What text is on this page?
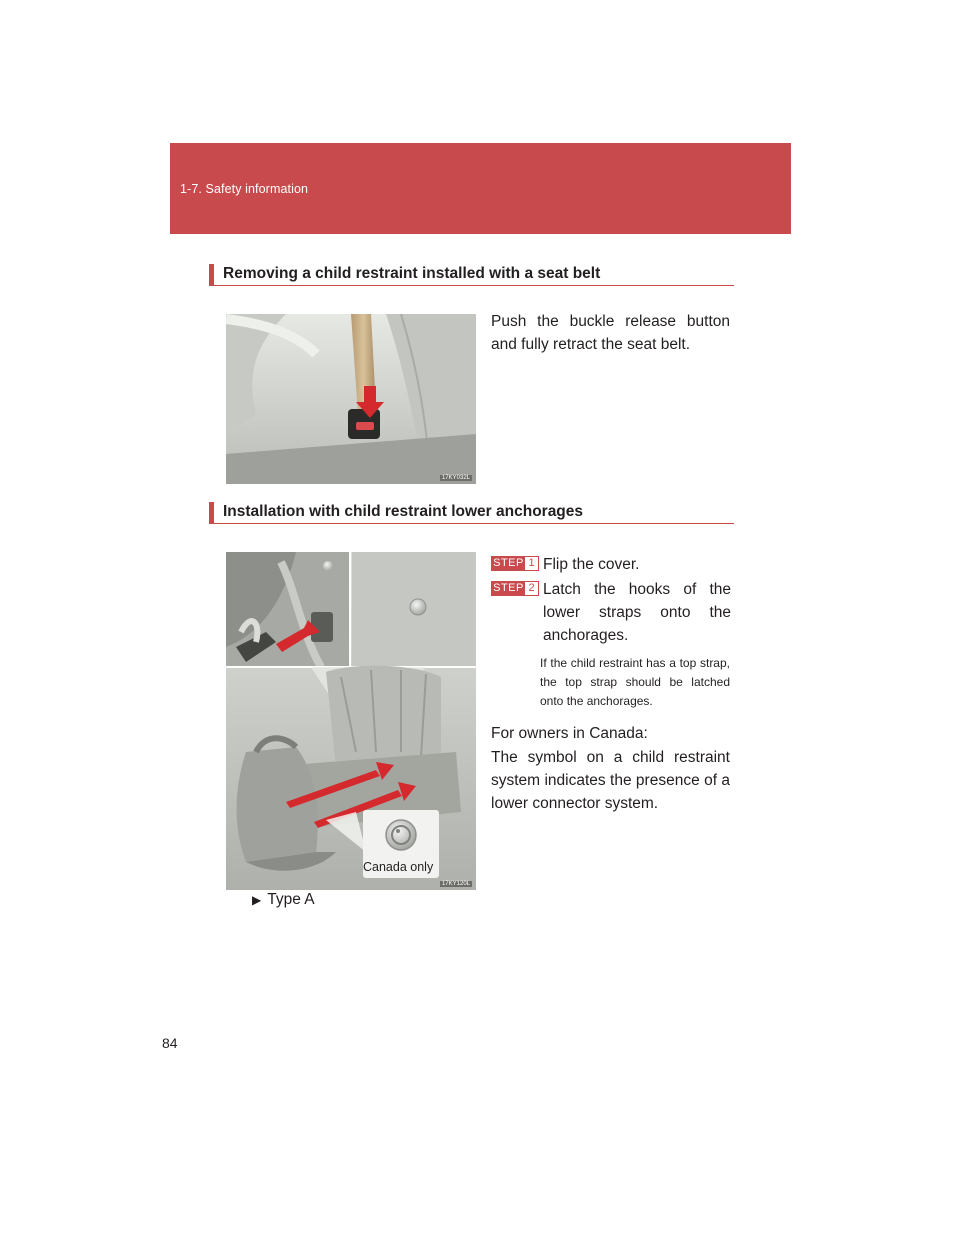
1-7. Safety information
Removing a child restraint installed with a seat belt
17KY032L
Push the buckle release button and fully retract the seat belt.
Installation with child restraint lower anchorages
Canada only
17KY120L
STEP 1 Flip the cover.
STEP 2 Latch the hooks of the lower straps onto the anchorages.
If the child restraint has a top strap, the top strap should be latched onto the anchorages.
For owners in Canada:
The symbol on a child restraint system indicates the presence of a lower connector system.
▶ Type A
84
